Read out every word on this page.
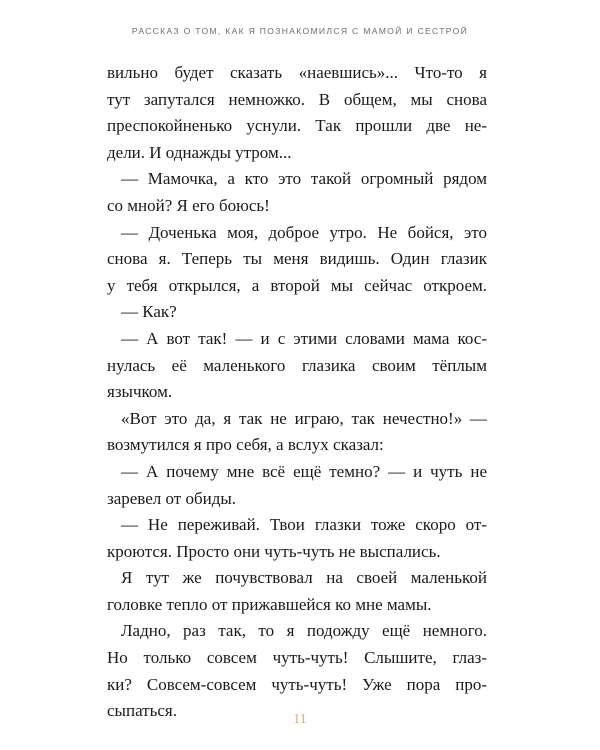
РАССКАЗ О ТОМ, КАК Я ПОЗНАКОМИЛСЯ С МАМОЙ И СЕСТРОЙ
вильно будет сказать «наевшись»... Что-то я
тут запутался немножко. В общем, мы снова
преспокойненько уснули. Так прошли две не-
дели. И однажды утром...
— Мамочка, а кто это такой огромный рядом
со мной? Я его боюсь!
— Доченька моя, доброе утро. Не бойся, это
снова я. Теперь ты меня видишь. Один глазик
у тебя открылся, а второй мы сейчас откроем.
— Как?
— А вот так! — и с этими словами мама кос-
нулась её маленького глазика своим тёплым
язычком.
«Вот это да, я так не играю, так нечестно!» —
возмутился я про себя, а вслух сказал:
— А почему мне всё ещё темно? — и чуть не
заревел от обиды.
— Не переживай. Твои глазки тоже скоро от-
кроются. Просто они чуть-чуть не выспались.
Я тут же почувствовал на своей маленькой
головке тепло от прижавшейся ко мне мамы.
Ладно, раз так, то я подожду ещё немного.
Но только совсем чуть-чуть! Слышите, глаз-
ки? Совсем-совсем чуть-чуть! Уже пора про-
сыпаться.	11
